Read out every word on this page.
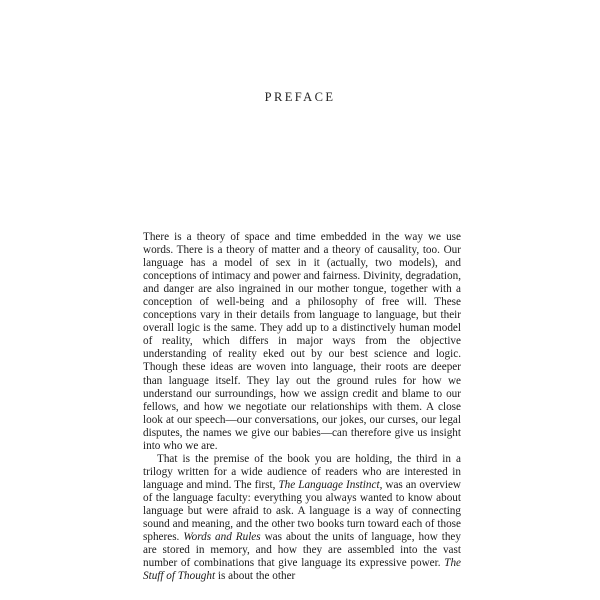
PREFACE

There is a theory of space and time embedded in the way we use words. There is a theory of matter and a theory of causality, too. Our language has a model of sex in it (actually, two models), and conceptions of intimacy and power and fairness. Divinity, degradation, and danger are also ingrained in our mother tongue, together with a conception of well-being and a philosophy of free will. These conceptions vary in their details from language to language, but their overall logic is the same. They add up to a distinctively human model of reality, which differs in major ways from the objective understanding of reality eked out by our best science and logic. Though these ideas are woven into language, their roots are deeper than language itself. They lay out the ground rules for how we understand our surroundings, how we assign credit and blame to our fellows, and how we negotiate our relationships with them. A close look at our speech—our conversations, our jokes, our curses, our legal disputes, the names we give our babies—can therefore give us insight into who we are.

That is the premise of the book you are holding, the third in a trilogy written for a wide audience of readers who are interested in language and mind. The first, The Language Instinct, was an overview of the language faculty: everything you always wanted to know about language but were afraid to ask. A language is a way of connecting sound and meaning, and the other two books turn toward each of those spheres. Words and Rules was about the units of language, how they are stored in memory, and how they are assembled into the vast number of combinations that give language its expressive power. The Stuff of Thought is about the other
